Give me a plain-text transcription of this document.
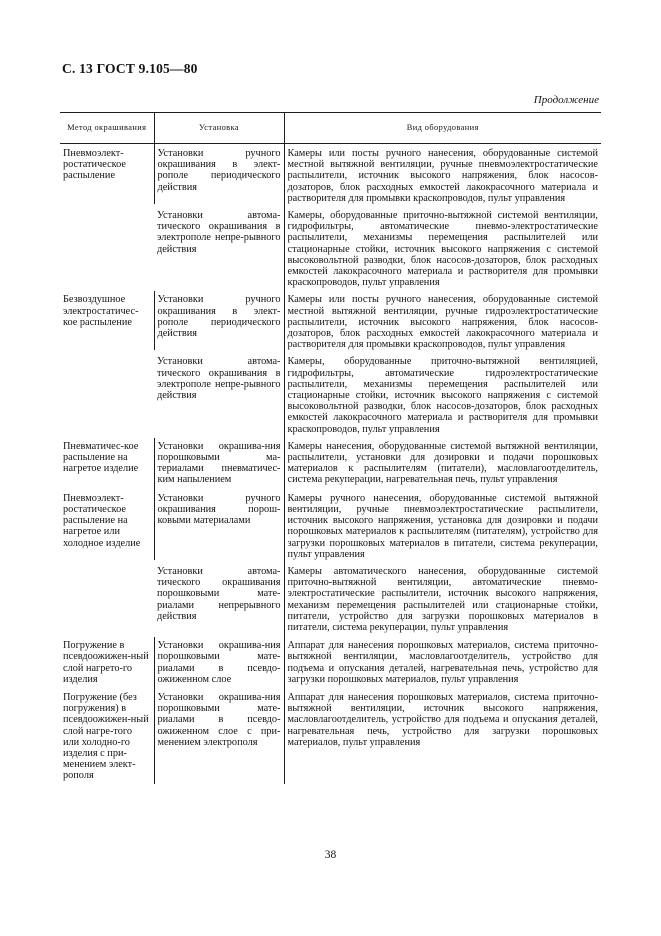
С. 13 ГОСТ 9.105—80
Продолжение
Метод окрашивания	Установка	Вид оборудования
Пневмоэлект-ростатическое распыление	Установки ручного окрашивания в элект-рополе периодического действия	Камеры или посты ручного нанесения, оборудованные системой местной вытяжной вентиляции, ручные пневмоэлектростатические распылители, источник высокого напряжения, блок насосов-дозаторов, блок расходных емкостей лакокрасочного материала и растворителя для промывки краскопроводов, пульт управления
	Установки автома-тического окрашивания в электрополе непре-рывного действия	Камеры, оборудованные приточно-вытяжной системой вентиляции, гидрофильтры, автоматические пневмо-электростатические распылители, механизмы перемещения распылителей или стационарные стойки, источник высокого напряжения с системой высоковольтной разводки, блок насосов-дозаторов, блок расходных емкостей лакокрасочного материала и растворителя для промывки краскопроводов, пульт управления
Безвоздушное электростатичес-кое распыление	Установки ручного окрашивания в элект-рополе периодического действия	Камеры или посты ручного нанесения, оборудованные системой местной вытяжной вентиляции, ручные гидроэлектростатические распылители, источник высокого напряжения, блок насосов-дозаторов, блок расходных емкостей лакокрасочного материала и растворителя для промывки краскопроводов, пульт управления
	Установки автома-тического окрашивания в электрополе непре-рывного действия	Камеры, оборудованные приточно-вытяжной вентиляцией, гидрофильтры, автоматические гидроэлектростатические распылители, механизмы перемещения распылителей или стационарные стойки, источник высокого напряжения с системой высоковольтной разводки, блок насосов-дозаторов, блок расходных емкостей лакокрасочного материала и растворителя для промывки краскопроводов, пульт управления
Пневматичес-кое распыление на нагретое изделие	Установки окрашива-ния порошковыми ма-териалами пневматичес-ким напылением	Камеры нанесения, оборудованные системой вытяжной вентиляции, распылители, установки для дозировки и подачи порошковых материалов к распылителям (питатели), масловлагоотделитель, система рекуперации, нагревательная печь, пульт управления
Пневмоэлект-ростатическое распыление на нагретое или холодное изделие	Установки ручного окрашивания порош-ковыми материалами	Камеры ручного нанесения, оборудованные системой вытяжной вентиляции, ручные пневмоэлектростатические распылители, источник высокого напряжения, установка для дозировки и подачи порошковых материалов к распылителям (питателям), устройство для загрузки порошковых материалов в питатели, система рекуперации, пульт управления
	Установки автома-тического окрашивания порошковыми мате-риалами непрерывного действия	Камеры автоматического нанесения, оборудованные системой приточно-вытяжной вентиляции, автоматические пневмо-электростатические распылители, источник высокого напряжения, механизм перемещения распылителей или стационарные стойки, питатели, устройство для загрузки порошковых материалов в питатели, система рекуперации, пульт управления
Погружение в псевдоожижен-ный слой нагрето-го изделия	Установки окрашива-ния порошковыми мате-риалами в псевдо-ожиженном слое	Аппарат для нанесения порошковых материалов, система приточно-вытяжной вентиляции, масловлагоотделитель, устройство для подъема и опускания деталей, нагревательная печь, устройство для загрузки порошковых материалов, пульт управления
Погружение (без погружения) в псевдоожижен-ный слой нагре-того или холодно-го изделия с при-менением элект-рополя	Установки окрашива-ния порошковыми мате-риалами в псевдо-ожиженном слое с при-менением электрополя	Аппарат для нанесения порошковых материалов, система приточно-вытяжной вентиляции, источник высокого напряжения, масловлагоотделитель, устройство для подъема и опускания деталей, нагревательная печь, устройство для загрузки порошковых материалов, пульт управления
38
